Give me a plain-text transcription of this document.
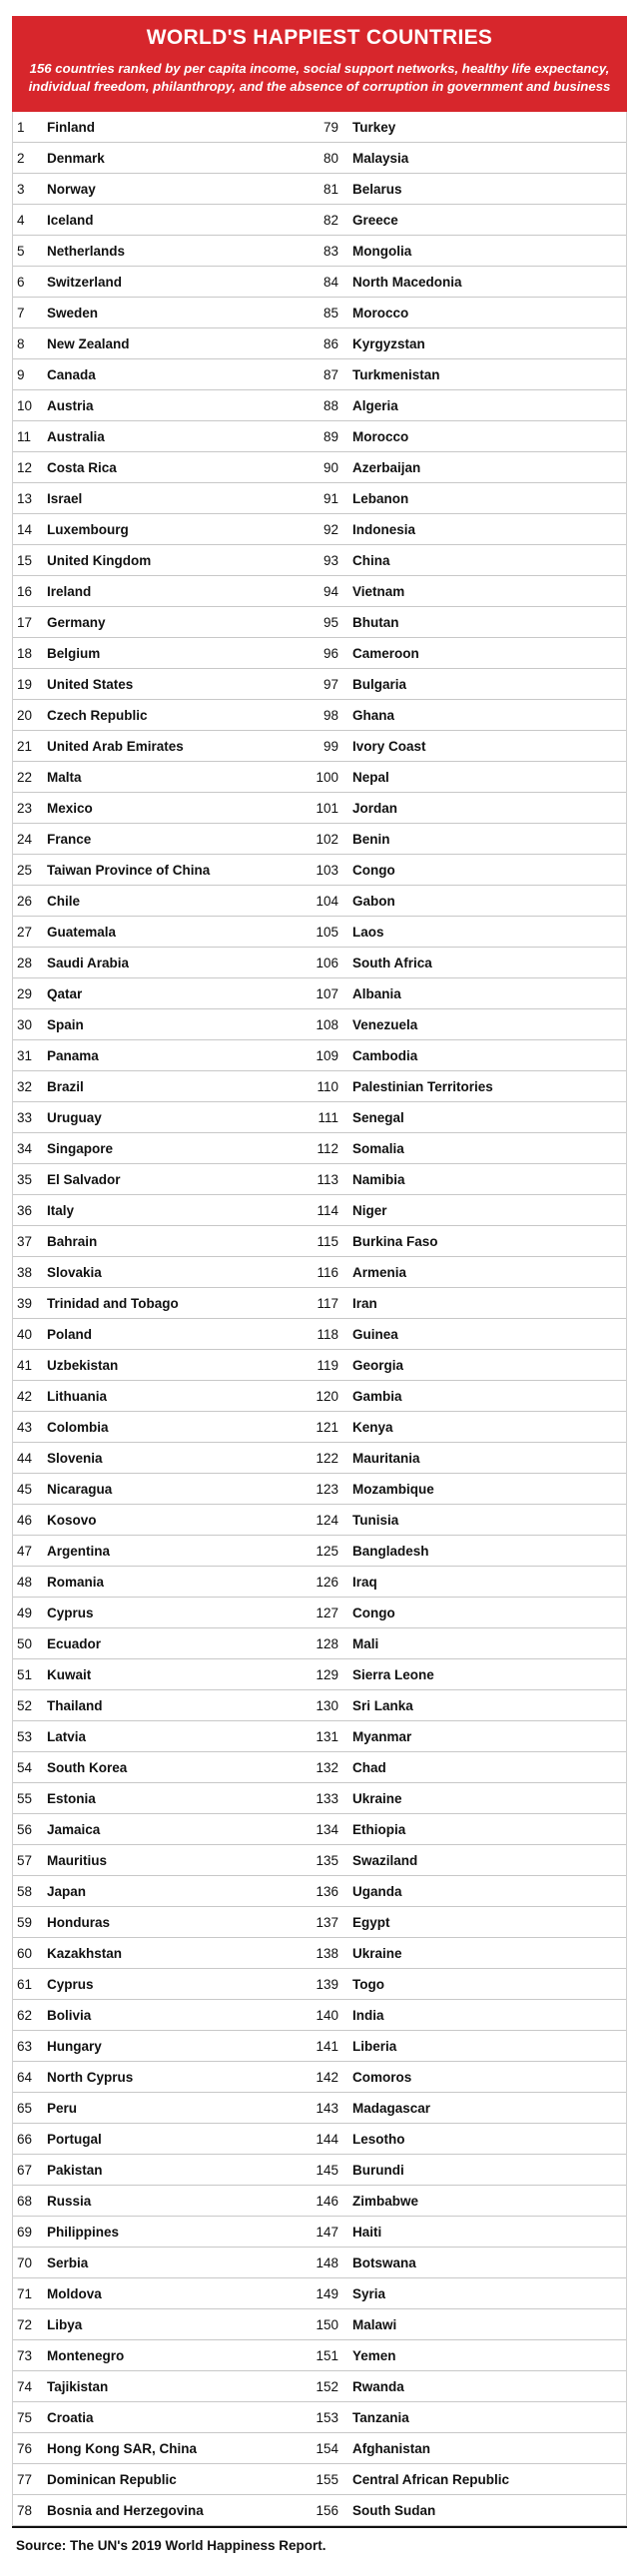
WORLD'S HAPPIEST COUNTRIES
156 countries ranked by per capita income, social support networks, healthy life expectancy, individual freedom, philanthropy, and the absence of corruption in government and business
1	Finland	79	Turkey
2	Denmark	80	Malaysia
3	Norway	81	Belarus
4	Iceland	82	Greece
5	Netherlands	83	Mongolia
6	Switzerland	84	North Macedonia
7	Sweden	85	Morocco
8	New Zealand	86	Kyrgyzstan
9	Canada	87	Turkmenistan
10	Austria	88	Algeria
11	Australia	89	Morocco
12	Costa Rica	90	Azerbaijan
13	Israel	91	Lebanon
14	Luxembourg	92	Indonesia
15	United Kingdom	93	China
16	Ireland	94	Vietnam
17	Germany	95	Bhutan
18	Belgium	96	Cameroon
19	United States	97	Bulgaria
20	Czech Republic	98	Ghana
21	United Arab Emirates	99	Ivory Coast
22	Malta	100	Nepal
23	Mexico	101	Jordan
24	France	102	Benin
25	Taiwan Province of China	103	Congo
26	Chile	104	Gabon
27	Guatemala	105	Laos
28	Saudi Arabia	106	South Africa
29	Qatar	107	Albania
30	Spain	108	Venezuela
31	Panama	109	Cambodia
32	Brazil	110	Palestinian Territories
33	Uruguay	111	Senegal
34	Singapore	112	Somalia
35	El Salvador	113	Namibia
36	Italy	114	Niger
37	Bahrain	115	Burkina Faso
38	Slovakia	116	Armenia
39	Trinidad and Tobago	117	Iran
40	Poland	118	Guinea
41	Uzbekistan	119	Georgia
42	Lithuania	120	Gambia
43	Colombia	121	Kenya
44	Slovenia	122	Mauritania
45	Nicaragua	123	Mozambique
46	Kosovo	124	Tunisia
47	Argentina	125	Bangladesh
48	Romania	126	Iraq
49	Cyprus	127	Congo
50	Ecuador	128	Mali
51	Kuwait	129	Sierra Leone
52	Thailand	130	Sri Lanka
53	Latvia	131	Myanmar
54	South Korea	132	Chad
55	Estonia	133	Ukraine
56	Jamaica	134	Ethiopia
57	Mauritius	135	Swaziland
58	Japan	136	Uganda
59	Honduras	137	Egypt
60	Kazakhstan	138	Ukraine
61	Cyprus	139	Togo
62	Bolivia	140	India
63	Hungary	141	Liberia
64	North Cyprus	142	Comoros
65	Peru	143	Madagascar
66	Portugal	144	Lesotho
67	Pakistan	145	Burundi
68	Russia	146	Zimbabwe
69	Philippines	147	Haiti
70	Serbia	148	Botswana
71	Moldova	149	Syria
72	Libya	150	Malawi
73	Montenegro	151	Yemen
74	Tajikistan	152	Rwanda
75	Croatia	153	Tanzania
76	Hong Kong SAR, China	154	Afghanistan
77	Dominican Republic	155	Central African Republic
78	Bosnia and Herzegovina	156	South Sudan
Source: The UN's 2019 World Happiness Report.
